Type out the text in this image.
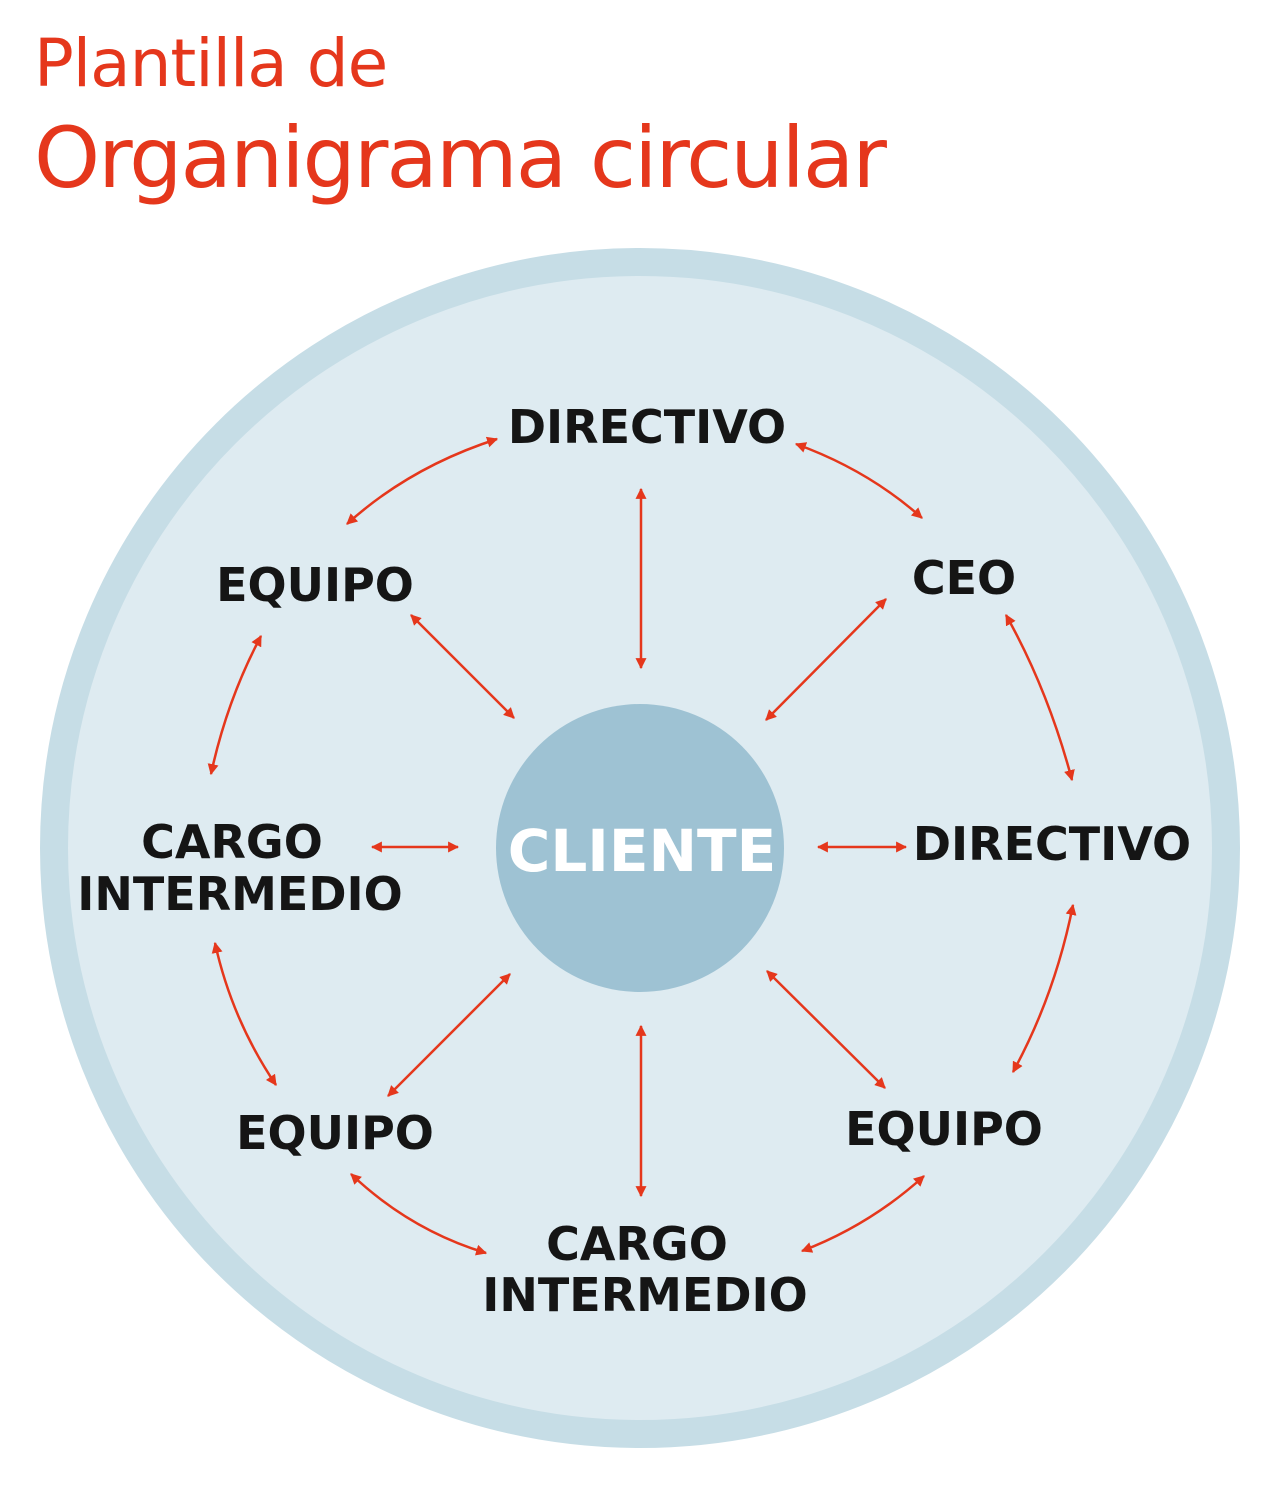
Plantilla de
Organigrama circular
CLIENTE
DIRECTIVO
CEO
DIRECTIVO
EQUIPO
CARGO INTERMEDIO
EQUIPO
CARGO INTERMEDIO
EQUIPO
